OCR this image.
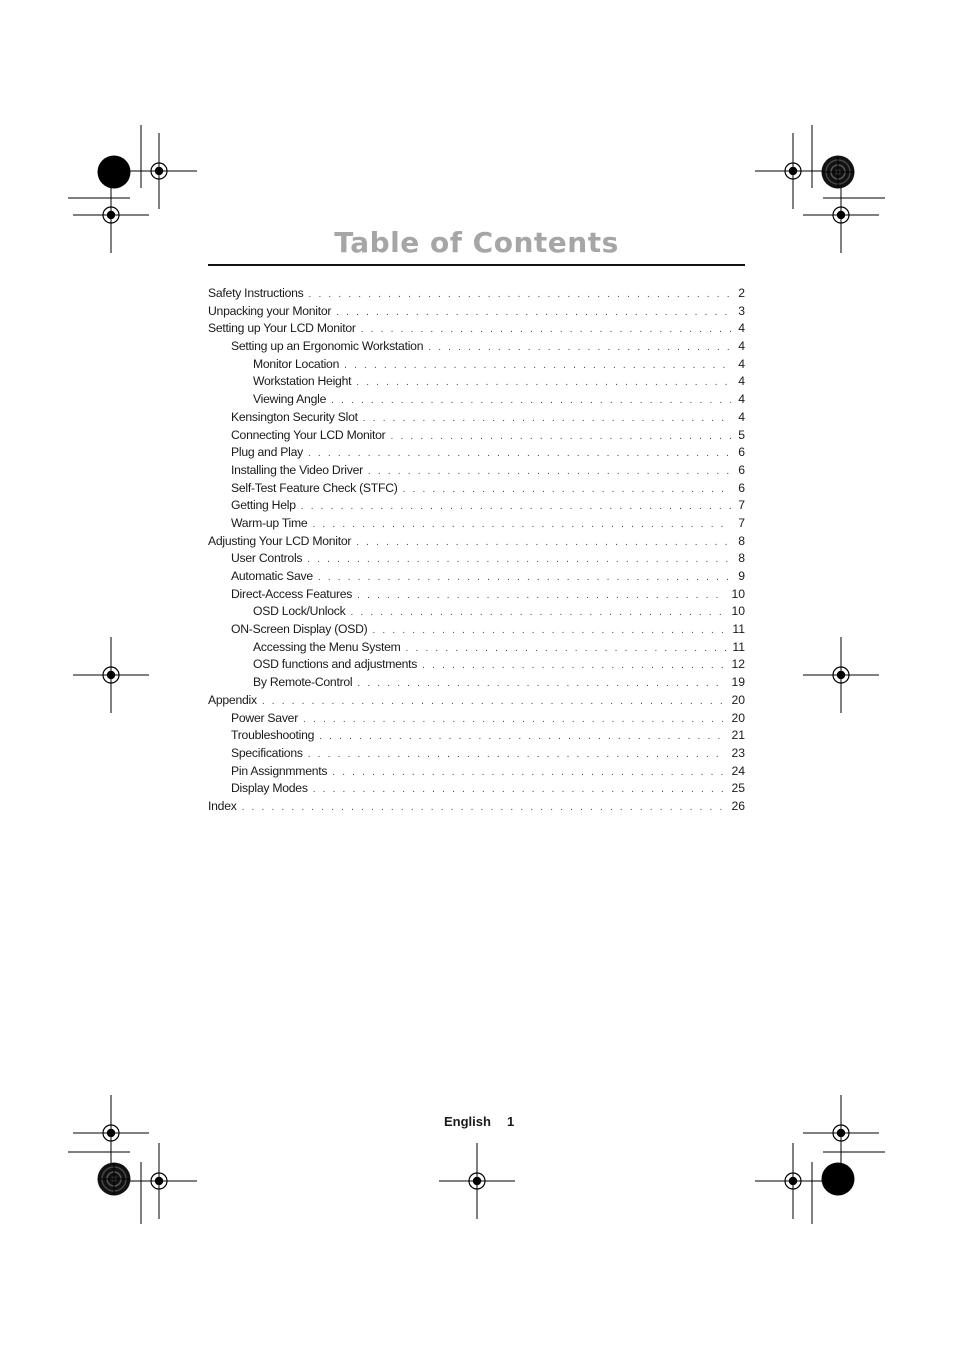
Table of Contents
Safety Instructions . . .	2
Unpacking your Monitor . . .	3
Setting up Your LCD Monitor . . .	4
Setting up an Ergonomic Workstation . . .	4
Monitor Location . . .	4
Workstation Height . . .	4
Viewing Angle . . .	4
Kensington Security Slot . . .	4
Connecting Your LCD Monitor . . .	5
Plug and Play . . .	6
Installing the Video Driver . . .	6
Self-Test Feature Check (STFC) . . .	6
Getting Help . . .	7
Warm-up Time . . .	7
Adjusting Your LCD Monitor . . .	8
User Controls . . .	8
Automatic Save . . .	9
Direct-Access Features . . .	10
OSD Lock/Unlock . . .	10
ON-Screen Display (OSD) . . .	11
Accessing the Menu System . . .	11
OSD functions and adjustments . . .	12
By Remote-Control . . .	19
Appendix . . .	20
Power Saver . . .	20
Troubleshooting . . .	21
Specifications . . .	23
Pin Assignmments . . .	24
Display Modes . . .	25
Index . . .	26
English 1
